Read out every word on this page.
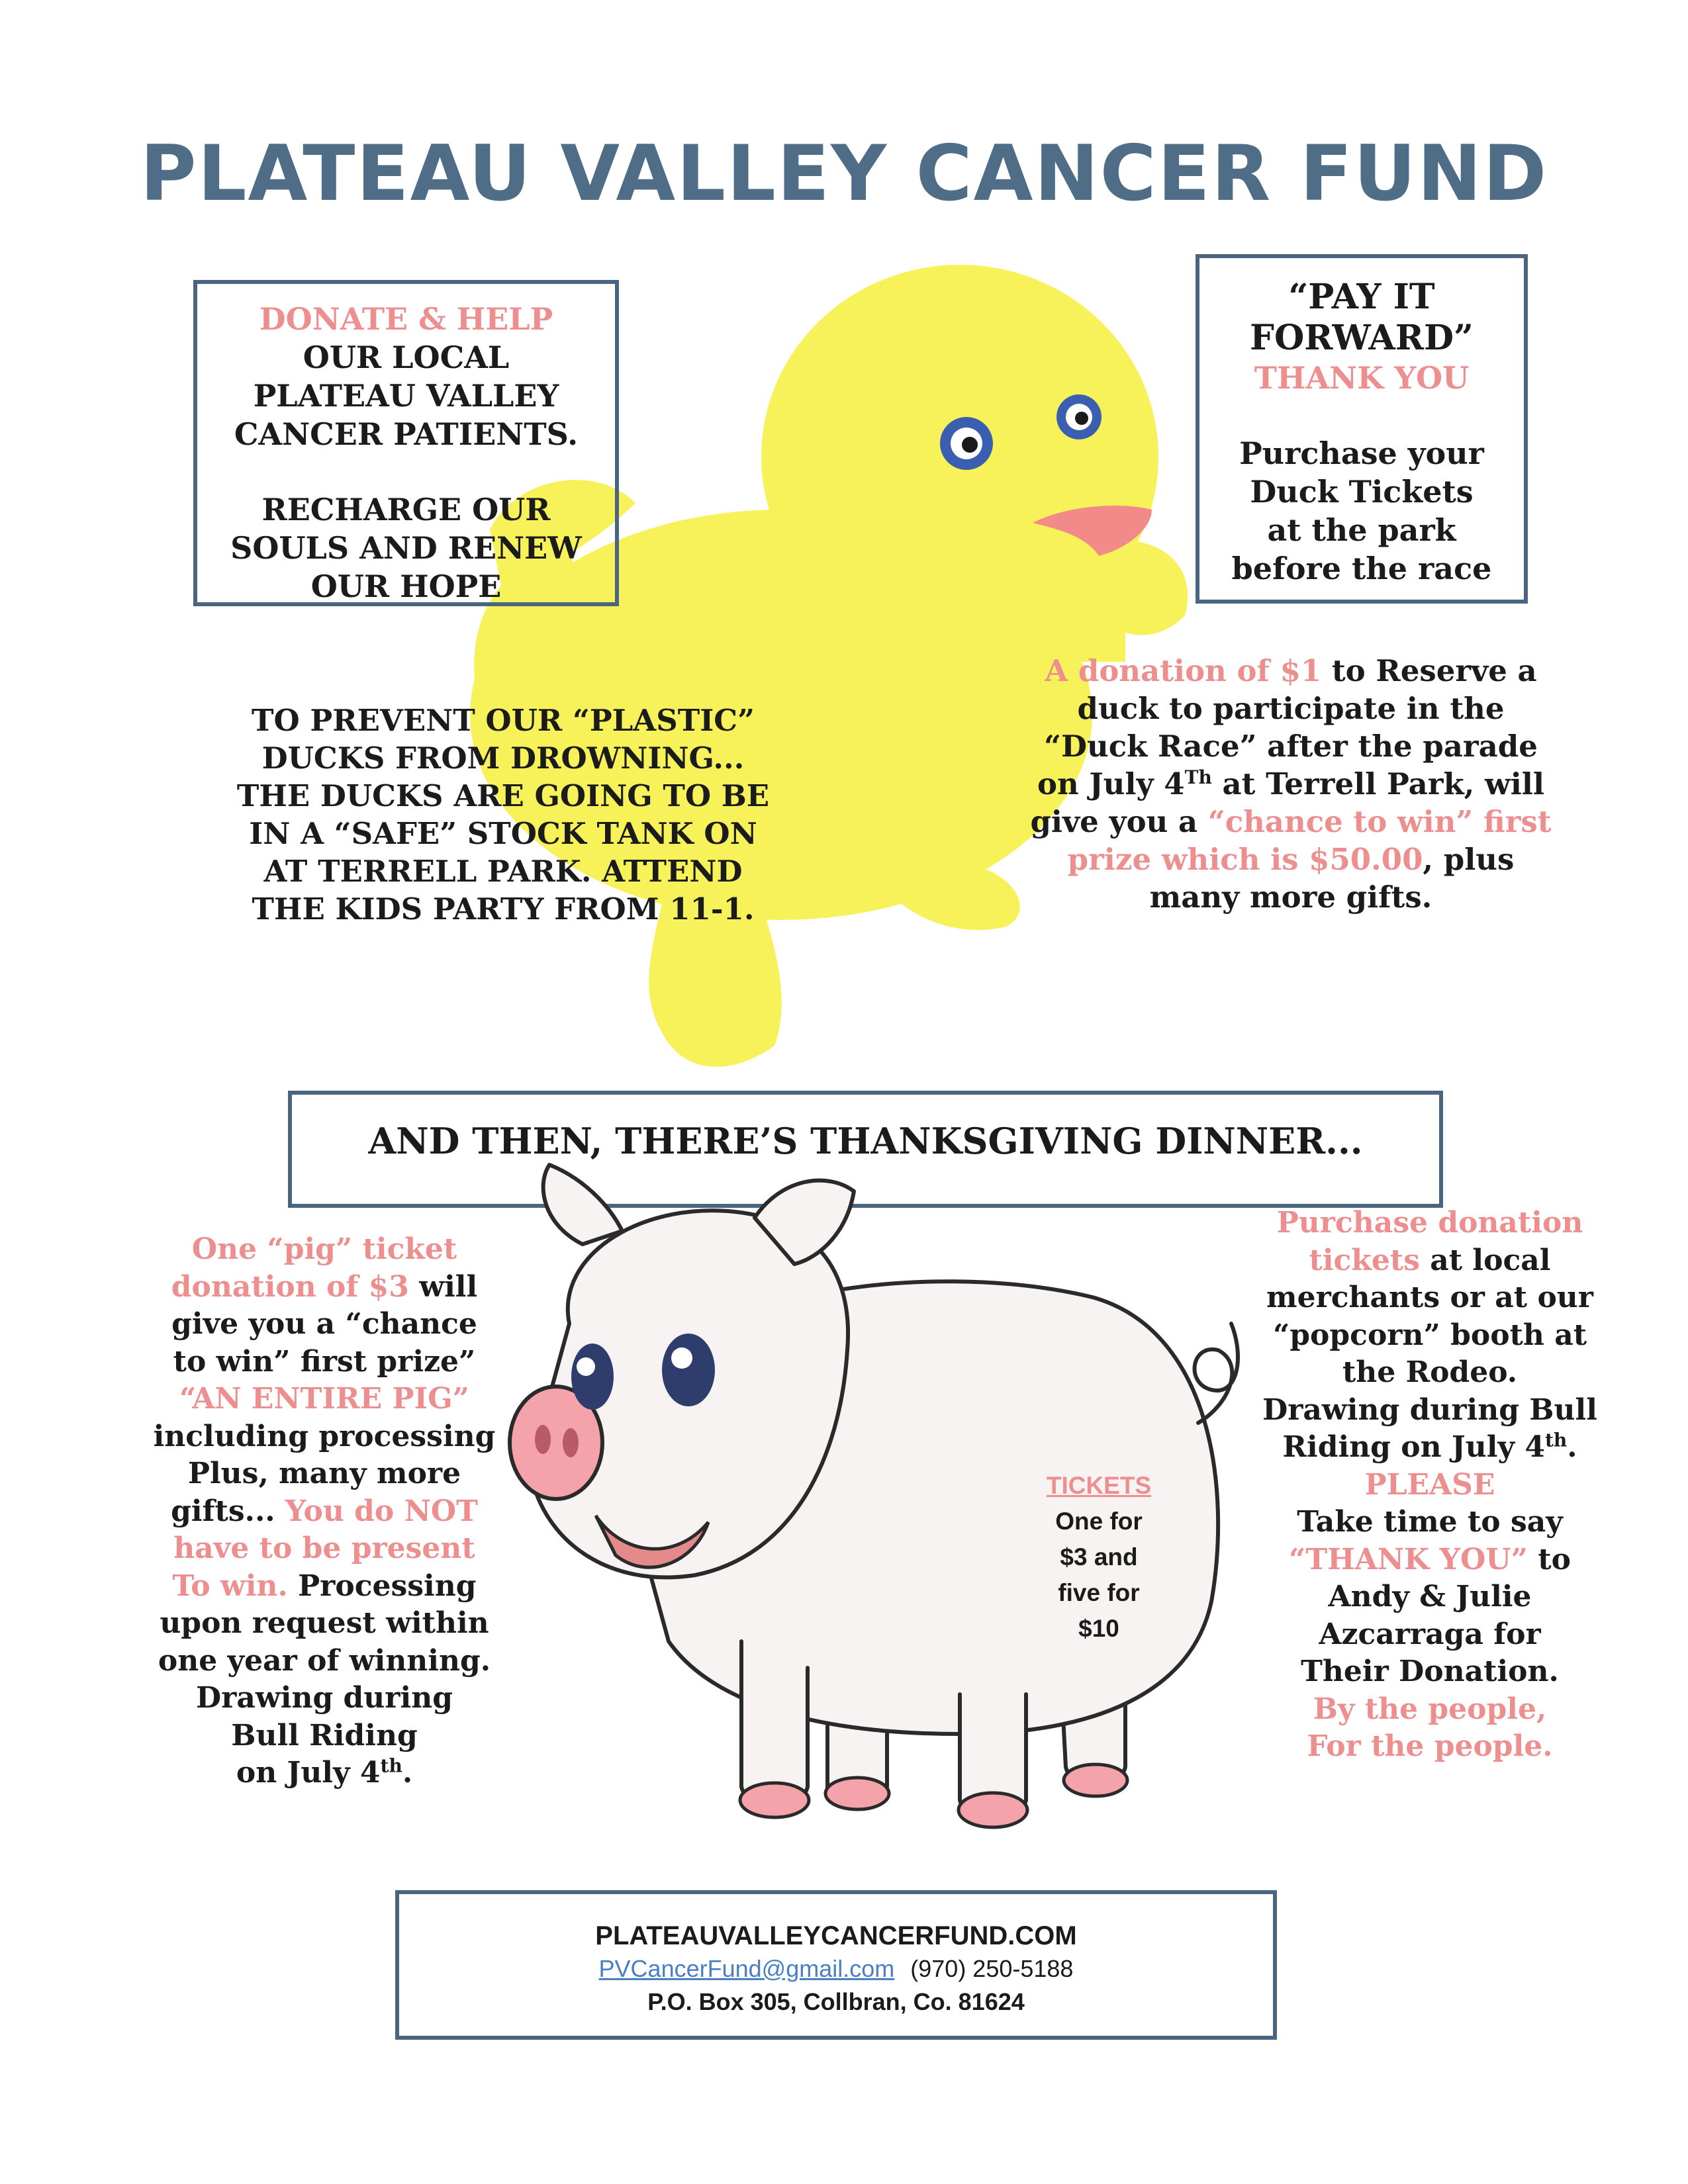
PLATEAU VALLEY CANCER FUND
DONATE & HELP
OUR LOCAL
PLATEAU VALLEY
CANCER PATIENTS.
RECHARGE OUR
SOULS AND RENEW
OUR HOPE
“PAY IT
FORWARD”
THANK YOU
Purchase your
Duck Tickets
at the park
before the race
TO PREVENT OUR “PLASTIC”
DUCKS FROM DROWNING...
THE DUCKS ARE GOING TO BE
IN A “SAFE” STOCK TANK ON
AT TERRELL PARK. ATTEND
THE KIDS PARTY FROM 11-1.
A donation of $1 to Reserve a
duck to participate in the
“Duck Race” after the parade
on July 4Th at Terrell Park, will
give you a “chance to win” first
prize which is $50.00, plus
many more gifts.
AND THEN, THERE’S THANKSGIVING DINNER...
TICKETS
One for
$3 and
five for
$10
One “pig” ticket
donation of $3 will
give you a “chance
to win” first prize”
“AN ENTIRE PIG”
including processing
Plus, many more
gifts... You do NOT
have to be present
To win. Processing
upon request within
one year of winning.
Drawing during
Bull Riding
on July 4th.
Purchase donation
tickets at local
merchants or at our
“popcorn” booth at
the Rodeo.
Drawing during Bull
Riding on July 4th.
PLEASE
Take time to say
“THANK YOU” to
Andy & Julie
Azcarraga for
Their Donation.
By the people,
For the people.
PLATEAUVALLEYCANCERFUND.COM
PVCancerFund@gmail.com (970) 250-5188
P.O. Box 305, Collbran, Co. 81624
